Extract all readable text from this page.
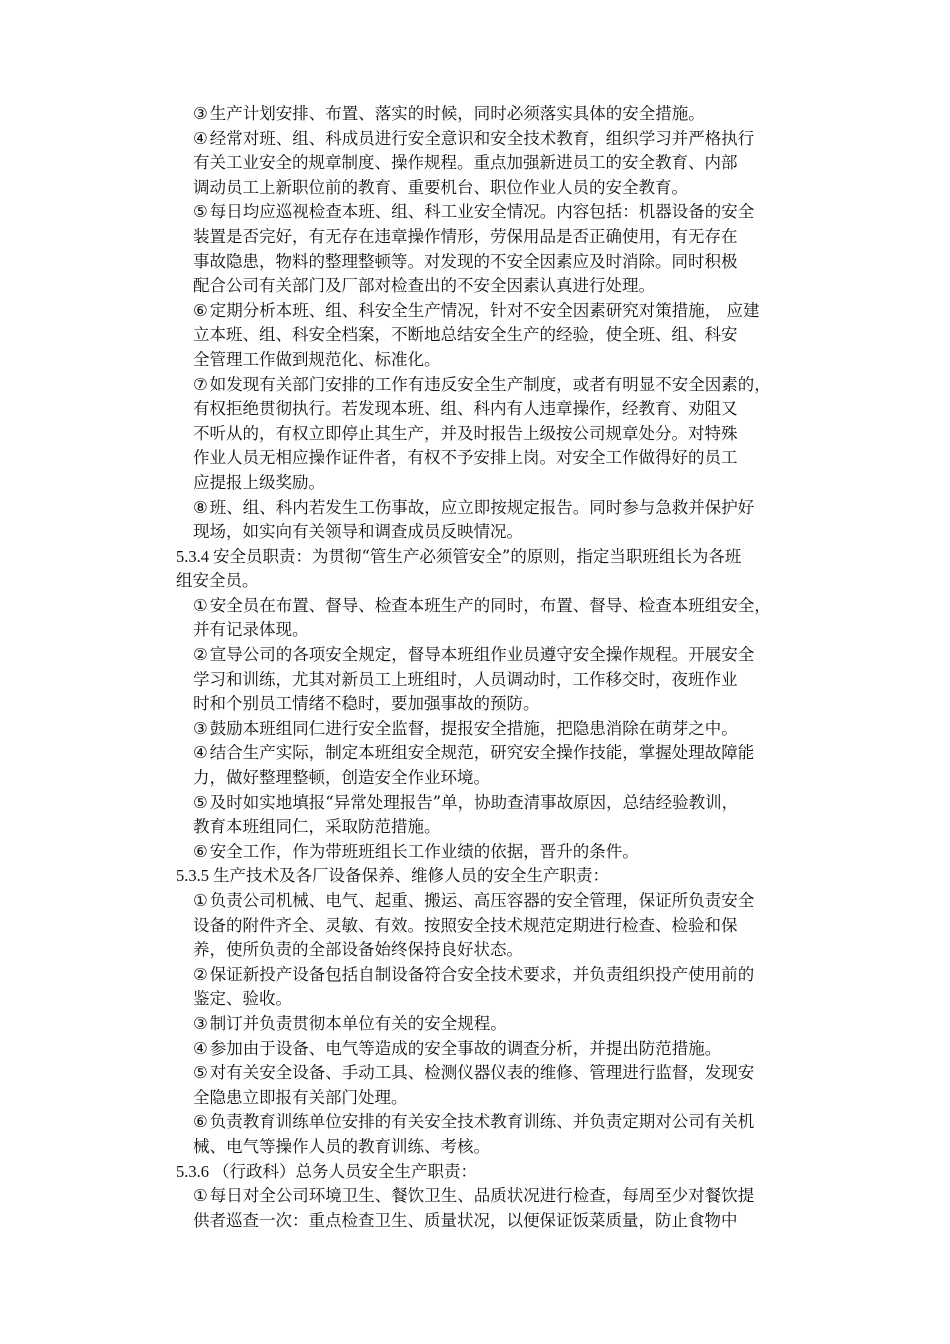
③ 生产计划安排、布置、落实的时候，同时必须落实具体的安全措施。
④ 经常对班、组、科成员进行安全意识和安全技术教育，组织学习并严格执行
有关工业安全的规章制度、操作规程。重点加强新进员工的安全教育、内部
调动员工上新职位前的教育、重要机台、职位作业人员的安全教育。
⑤ 每日均应巡视检查本班、组、科工业安全情况。内容包括：机器设备的安全
装置是否完好，有无存在违章操作情形，劳保用品是否正确使用，有无存在
事故隐患，物料的整理整顿等。对发现的不安全因素应及时消除。同时积极
配合公司有关部门及厂部对检查出的不安全因素认真进行处理。
⑥ 定期分析本班、组、科安全生产情况，针对不安全因素研究对策措施， 应建
立本班、组、科安全档案，不断地总结安全生产的经验，使全班、组、科安
全管理工作做到规范化、标准化。
⑦ 如发现有关部门安排的工作有违反安全生产制度，或者有明显不安全因素的，
有权拒绝贯彻执行。若发现本班、组、科内有人违章操作，经教育、劝阻又
不听从的，有权立即停止其生产，并及时报告上级按公司规章处分。对特殊
作业人员无相应操作证件者，有权不予安排上岗。对安全工作做得好的员工
应提报上级奖励。
⑧ 班、组、科内若发生工伤事故，应立即按规定报告。同时参与急救并保护好
现场，如实向有关领导和调查成员反映情况。
5.3.4 安全员职责：为贯彻“管生产必须管安全”的原则，指定当职班组长为各班
组安全员。
① 安全员在布置、督导、检查本班生产的同时，布置、督导、检查本班组安全，
并有记录体现。
② 宣导公司的各项安全规定，督导本班组作业员遵守安全操作规程。开展安全
学习和训练，尤其对新员工上班组时，人员调动时，工作移交时，夜班作业
时和个别员工情绪不稳时，要加强事故的预防。
③ 鼓励本班组同仁进行安全监督，提报安全措施，把隐患消除在萌芽之中。
④ 结合生产实际，制定本班组安全规范，研究安全操作技能，掌握处理故障能
力，做好整理整顿，创造安全作业环境。
⑤ 及时如实地填报“异常处理报告”单，协助查清事故原因，总结经验教训，
教育本班组同仁，采取防范措施。
⑥ 安全工作，作为带班班组长工作业绩的依据，晋升的条件。
5.3.5 生产技术及各厂设备保养、维修人员的安全生产职责：
① 负责公司机械、电气、起重、搬运、高压容器的安全管理，保证所负责安全
设备的附件齐全、灵敏、有效。按照安全技术规范定期进行检查、检验和保
养，使所负责的全部设备始终保持良好状态。
② 保证新投产设备包括自制设备符合安全技术要求，并负责组织投产使用前的
鉴定、验收。
③ 制订并负责贯彻本单位有关的安全规程。
④ 参加由于设备、电气等造成的安全事故的调查分析，并提出防范措施。
⑤ 对有关安全设备、手动工具、检测仪器仪表的维修、管理进行监督，发现安
全隐患立即报有关部门处理。
⑥ 负责教育训练单位安排的有关安全技术教育训练、并负责定期对公司有关机
械、电气等操作人员的教育训练、考核。
5.3.6 （行政科）总务人员安全生产职责：
① 每日对全公司环境卫生、餐饮卫生、品质状况进行检查，每周至少对餐饮提
供者巡查一次：重点检查卫生、质量状况，以便保证饭菜质量，防止食物中
